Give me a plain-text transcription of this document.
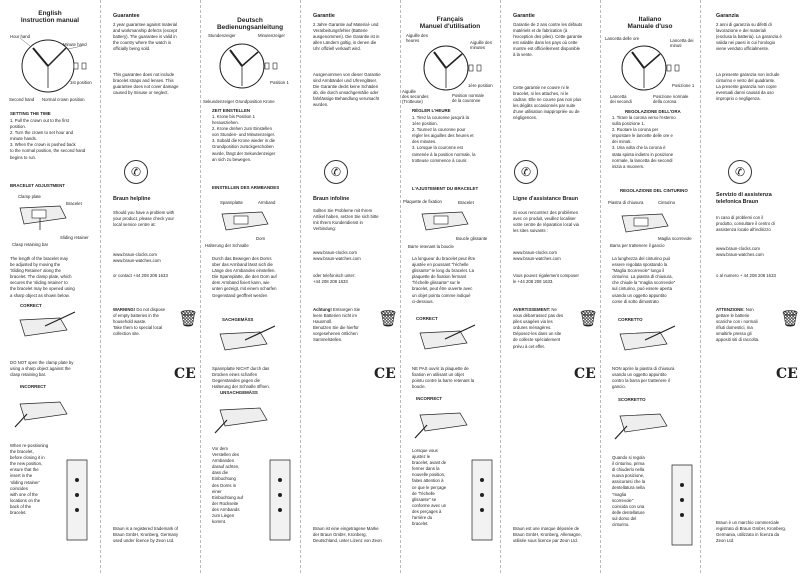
English
Instruction manual

Hour hand

Minute hand

1st position

Second hand Normal crown position

SETTING THE TIME

1. Pull the crown out to the first
position.
2. Turn the crown to set hour and
minute hands.
3. When the crown is pushed back
to the normal position, the second hand
begins to run.

BRACELET ADJUSTMENT

Clamp plate

Bracelet

Sliding retainer

Clasp retaining bar

The length of the bracelet may
be adjusted by moving the
'Sliding Retainer' along the
bracelet. The clamp plate, which
secures the 'sliding retainer' to
the bracelet may be opened using
a sharp object as shown below.

CORRECT

DO NOT open the clamp plate by
using a sharp object against the
clasp retaining bar.

INCORRECT

When re-positioning
the bracelet,
before closing it in
the new position,
ensure that the
insert in the
'sliding retainer'
coincides
with one of the
locations on the
back of the
bracelet.

Guarantee

2 year guarantee against material
and workmanship defects (except
battery). The guarantee is valid in
the country where the watch is
officially being sold.

This guarantee does not include
bracelet straps and lenses. This
guarantee does not cover damage
caused by misuse or neglect.

✆

Braun helpline

Should you have a problem with
your product, please check your
local service centre at:

www.braun-clocks.com

www.braun-watches.com

or contact +44 208 208 1633

WARNING! Do not dispose
of empty batteries in the
household waste.
Take them to special local
collection site.

🗑
CE

Braun is a registered trademark of
Braun GmbH, Kronberg, Germany
used under licence by Zeon Ltd.

Deutsch
Bedienungsanleitung

Stundenzeiger	Minutenzeiger

Position 1

Sekundenzeiger Grundposition Krone

ZEIT EINSTELLEN

1. Krone bis Position 1
herausziehen.
2. Krone drehen zum Einstellen
von Stunden- und Minutenzeiger.
3. Sobald die Krone wieder in die
Grundposition zurückgeschoben
wurde, fängt der Sekundenzeiger
an sich zu bewegen.

EINSTELLEN DES ARMBANDES

Spannplatte	Armband

Dorn

Halterung der Schnalle

Durch das Bewegen des Dorns
über das Armband lässt sich die
Länge des Armbandes einstellen.
Die Spannplatte, die den Dorn auf
dem Armband fixiert kann, wie
unten gezeigt, mit einem scharfen
Gegenstand geöffnet werden

SACHGEMÄSS

Spannplatte NICHT durch das
Drücken eines scharfen
Gegenstandes gegen die
Halterung der Schnalle öffnen.

UNSACHGEMÄSS

Vor dem
Verstellen des
Armbandes
darauf achten,
dass die
Einbuchtung
des Dorns in
einer
Einbuchtung auf
der Rückseite
des Armbands
zum Liegen
kommt.

Garantie

2 Jahre Garantie auf Material- und
Verarbeitungsfehler (Batterie
ausgenommen). Die Garantie ist in
allen Ländern gültig, in denen die
Uhr offiziell verkauft wird.

Ausgenommen von dieser Garantie
sind Armbänder und Uhrengläser.
Die Garantie deckt keine Schäden
ab, die durch unsachgemäße oder
fahrlässige Behandlung verursacht
wurden.

✆

Braun infoline

Sollten Sie Probleme mit Ihrem
Artikel haben, setzen Sie sich bitte
mit Ihrem Kundendienst in
Verbindung:

www.braun-clocks.com

www.braun-watches.com

oder telefonisch unter:
+44 208 208 1633

Achtung! Entsorgen Sie
leere Batterien nicht im
Hausmüll.
Benutzen Sie die hierfür
vorgesehenen örtlichen
Sammelstellen.

🗑
CE

Braun ist eine eingetragene Marke
der Braun GmbH, Kronberg,
Deutschland, unter Lizenz von Zeon

Français
Manuel d'utilisation

Aiguille des
heures	Aiguille des
minutes

1ère position

Aiguille
des secondes
(Trotteuse)

Position normale
de la couronne

RÉGLER L'HEURE

1. Tirez la couronne jusqu'à la
1ère position.
2. Tournez la couronne pour
régler les aiguilles des heures et
des minutes.
3. Lorsque la couronne est
ramenée à la position normale, la
trotteuse commence à courir.

L'AJUSTEMENT DU BRACELET

Plaquette de fixation	Bracelet

Boucle glissante

Barre retenant la boucle

La longueur du bracelet peut être
ajustée en poussant "l'échelle
glissante" le long du bracelet. La
plaquette de fixation fermant
"l'échelle glissante" sur le
bracelet, peut être ouverte avec
un objet pointu comme indiqué
ci-dessous.

CORRECT

NE PAS ouvrir la plaquette de
fixation en utilisant un objet
pointu contre la barre retenant la
boucle.

INCORRECT

Lorsque vous
ajustez le
bracelet, avant de
fermer dans la
nouvelle position,
faites attention à
ce que le perçage
de "l'échelle
glissante" se
conforme avec un
des perçages à
l'arrière du
bracelet.

Garantie

Garantie de 2 ans contre les défauts
matériels et de fabrication (à
l'exception des piles). Cette garantie
est valable dans les pays où cette
montre est officiellement disponible
à la vente.

Cette garantie ne couvre ni le
bracelet, ni les attaches, ni le
cadran. Elle ne couvre pas non plus
les dégâts occasionnés par suite
d'une utilisation inappropriée ou de
négligences.

✆

Ligne d'assistance Braun

Si vous rencontrez des problèmes
avec ce produit, veuillez localiser
votre centre de réparation local via
les sites suivants :

www.braun-clocks.com

www.braun-watches.com

Vous pouvez également composer
le +44 208 208 1633.

AVERTISSEMENT: Ne
vous débarrassez pas des
piles usagées via les
ordures ménagères.
Déposez-les dans un site
de collecte spécialement
prévu à cet effet.

🗑
CE

Braun est une marque déposée de
Braun GmbH, Kronberg, Allemagne,
utilisée sous licence par Zeon Ltd.

Italiano
Manuale d'uso

Lancetta delle ore	Lancetta dei
minuti

Posizione 1

Lancetta
dei secondi

Posizione normale
della corona

REGOLAZIONE DELL'ORA

1. Tirare la corona verso l'esterno
sulla posizione 1.
2. Ruotare la corona per
impostare le lancette delle ore e
dei minuti.
3. Una volta che la corona è
stata spinta indietro in posizione
normale, la lancetta dei secondi
inizia a muovers.

REGOLAZIONE DEL CINTURINO

Piastra di chiusura	Cinturino

Maglia scorrevole

Barra per trattenere il gancio

La lunghezza del cinturino può
essere regolata spostando la
"Maglia Scorrevole" lungo il
cinturino. La piastra di chiusura,
che chiude la "maglia scorrevole"
sul cinturino, può essere aperta
usando un oggetto appuntito
come di sotto dimostrato

CORRETTO

NON aprire la piastra di chiusura
usando un oggetto appuntito
contro la barra per trattenere il
gancio.

SCORRETTO

Quando si regola
il cinturino, prima
di chiuderlo nella
nuova posizione,
assicurarsi che la
dentellatura nella
"maglia
scorrevole"
coincida con una
delle dentellature
sul dorso del
cinturino.

Garanzia

2 anni di garanzia su difetti di
lavorazione e dei materiali
(esclusa la batteria). La garanzia è
valida nei paesi in cui l'orologio
viene venduto ufficialmente.

La presente garanzia non include
cinturino e vetro del quadrante.
La presente garanzia non copre
eventuali danni causati da uso
improprio o negligenza.

✆

Servizio di assistenza
telefonica Braun

In caso di problemi con il
prodotto, consultare il centro di
assistenza locale all'indirizzo

www.braun-clocks.com

www.braun-watches.com

o al numero + 44 208 208 1633

ATTENZIONE: Non
gettare le batterie
scariche con i normali
rifiuti domestici, ma
smaltirle presso gli
appositi siti di raccolta.

🗑
CE

Braun è un marchio commerciale
registrato di Braun GmbH, Kronberg,
Germania, utilizzato in licenza da
Zeon Ltd.
